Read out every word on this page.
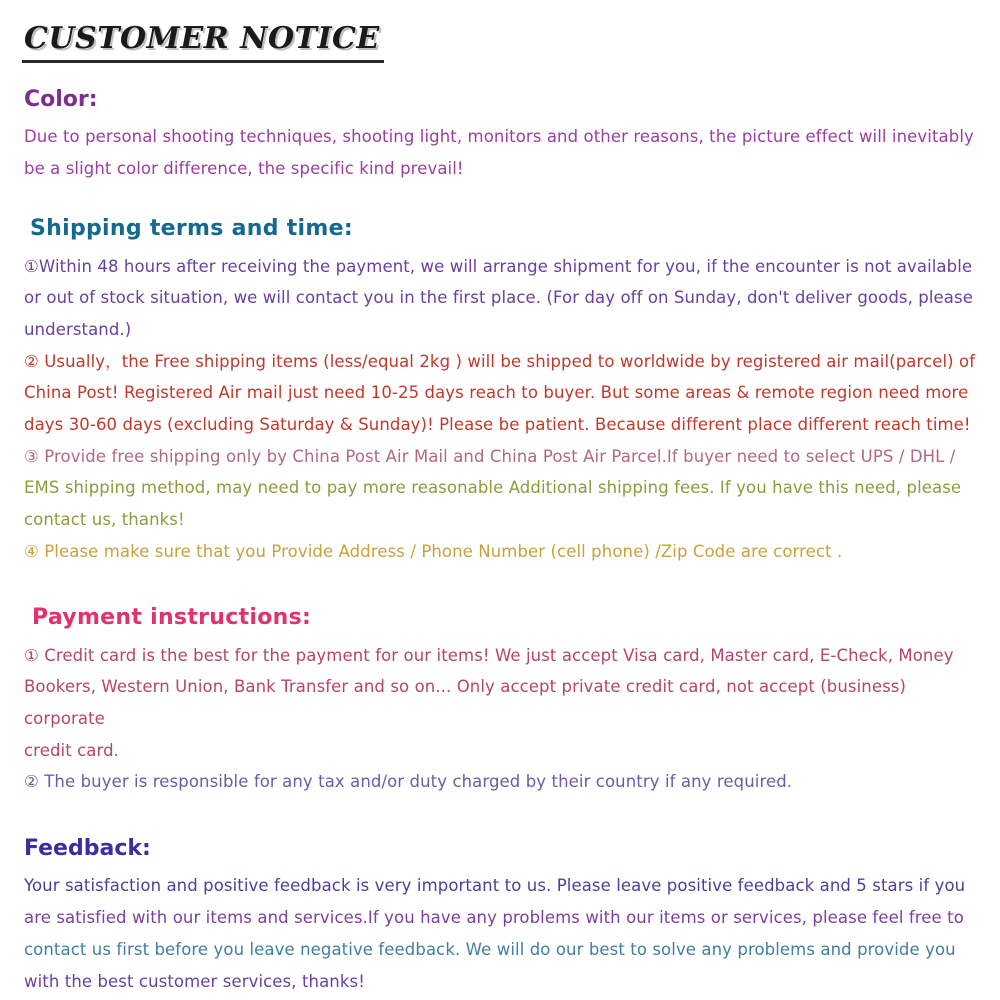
CUSTOMER NOTICE
Color:

Due to personal shooting techniques, shooting light, monitors and other reasons, the picture effect will inevitably

be a slight color difference, the specific kind prevail!

Shipping terms and time:

①Within 48 hours after receiving the payment, we will arrange shipment for you, if the encounter is not available

or out of stock situation, we will contact you in the first place. (For day off on Sunday, don't deliver goods, please

understand.)

② Usually，the Free shipping items (less/equal 2kg ) will be shipped to worldwide by registered air mail(parcel) of

China Post! Registered Air mail just need 10-25 days reach to buyer. But some areas & remote region need more

days 30-60 days (excluding Saturday & Sunday)! Please be patient. Because different place different reach time!

③ Provide free shipping only by China Post Air Mail and China Post Air Parcel.If buyer need to select UPS / DHL /

EMS shipping method, may need to pay more reasonable Additional shipping fees. If you have this need, please

contact us, thanks!

④ Please make sure that you Provide Address / Phone Number (cell phone) /Zip Code are correct .

Payment instructions:

① Credit card is the best for the payment for our items! We just accept Visa card, Master card, E-Check, Money

Bookers, Western Union, Bank Transfer and so on... Only accept private credit card, not accept (business) corporate

credit card.

② The buyer is responsible for any tax and/or duty charged by their country if any required.

Feedback:

Your satisfaction and positive feedback is very important to us. Please leave positive feedback and 5 stars if you

are satisfied with our items and services.If you have any problems with our items or services, please feel free to

contact us first before you leave negative feedback. We will do our best to solve any problems and provide you

with the best customer services, thanks!
